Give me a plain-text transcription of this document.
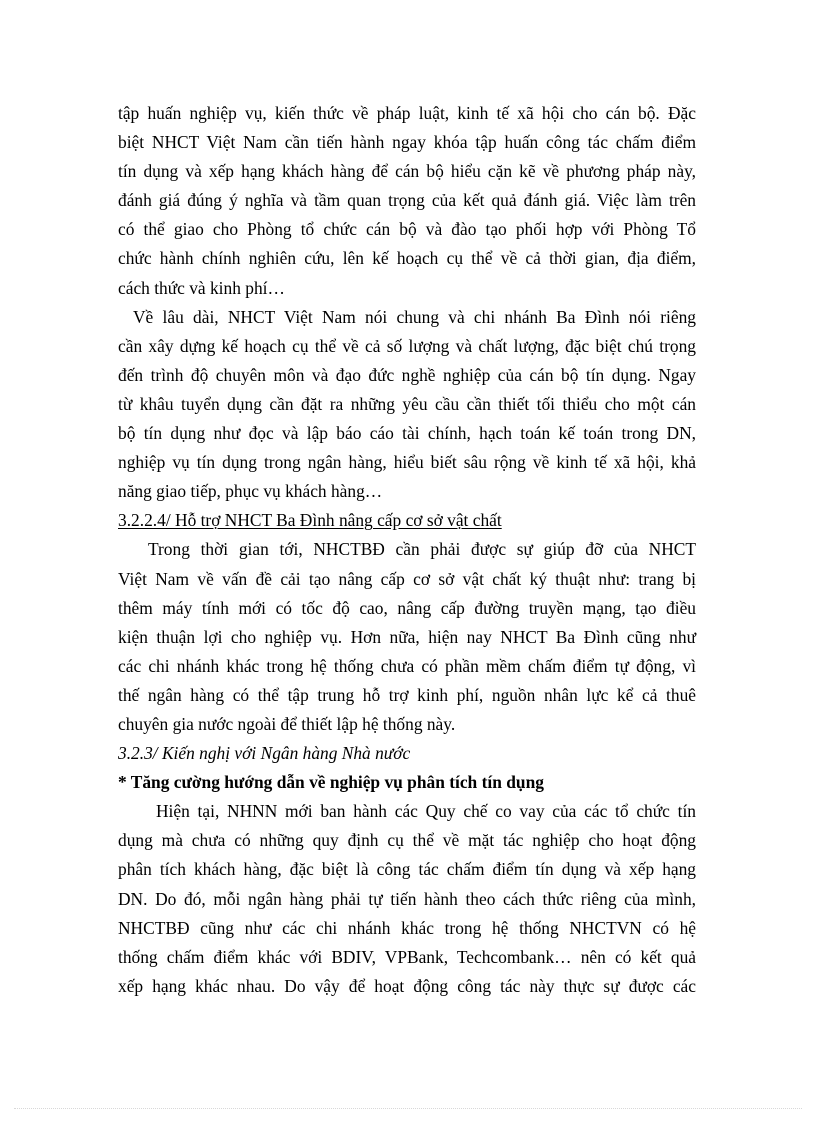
tập huấn nghiệp vụ, kiến thức về pháp luật, kinh tế xã hội cho cán bộ. Đặc
biệt NHCT Việt Nam cần tiến hành ngay khóa tập huấn công tác chấm điểm
tín dụng và xếp hạng khách hàng để cán bộ hiểu cặn kẽ về phương pháp này,
đánh giá đúng ý nghĩa và tầm quan trọng của kết quả đánh giá. Việc làm trên
có thể giao cho Phòng tổ chức cán bộ và đào tạo phối hợp với Phòng Tổ
chức hành chính nghiên cứu, lên kế hoạch cụ thể về cả thời gian, địa điểm,
cách thức và kinh phí…
Về lâu dài, NHCT Việt Nam nói chung và chi nhánh Ba Đình nói riêng
cần xây dựng kế hoạch cụ thể về cả số lượng và chất lượng, đặc biệt chú trọng
đến trình độ chuyên môn và đạo đức nghề nghiệp của cán bộ tín dụng. Ngay
từ khâu tuyển dụng cần đặt ra những yêu cầu cần thiết tối thiểu cho một cán
bộ tín dụng như đọc và lập báo cáo tài chính, hạch toán kế toán trong DN,
nghiệp vụ tín dụng trong ngân hàng, hiểu biết sâu rộng về kinh tế xã hội, khả
năng giao tiếp, phục vụ khách hàng…
3.2.2.4/ Hỗ trợ NHCT Ba Đình nâng cấp cơ sở vật chất
Trong thời gian tới, NHCTBĐ cần phải được sự giúp đỡ của NHCT
Việt Nam về vấn đề cải tạo nâng cấp cơ sở vật chất ký thuật như: trang bị
thêm máy tính mới có tốc độ cao, nâng cấp đường truyền mạng, tạo điều
kiện thuận lợi cho nghiệp vụ. Hơn nữa, hiện nay NHCT Ba Đình cũng như
các chi nhánh khác trong hệ thống chưa có phần mềm chấm điểm tự động, vì
thế ngân hàng có thể tập trung hỗ trợ kinh phí, nguồn nhân lực kể cả thuê
chuyên gia nước ngoài để thiết lập hệ thống này.
3.2.3/ Kiến nghị với Ngân hàng Nhà nước
* Tăng cường hướng dẫn về nghiệp vụ phân tích tín dụng
Hiện tại, NHNN mới ban hành các Quy chế co vay của các tổ chức tín
dụng mà chưa có những quy định cụ thể về mặt tác nghiệp cho hoạt động
phân tích khách hàng, đặc biệt là công tác chấm điểm tín dụng và xếp hạng
DN. Do đó, mỗi ngân hàng phải tự tiến hành theo cách thức riêng của mình,
NHCTBĐ cũng như các chi nhánh khác trong hệ thống NHCTVN có hệ
thống chấm điểm khác với BDIV, VPBank, Techcombank… nên có kết quả
xếp hạng khác nhau. Do vậy để hoạt động công tác này thực sự được các
